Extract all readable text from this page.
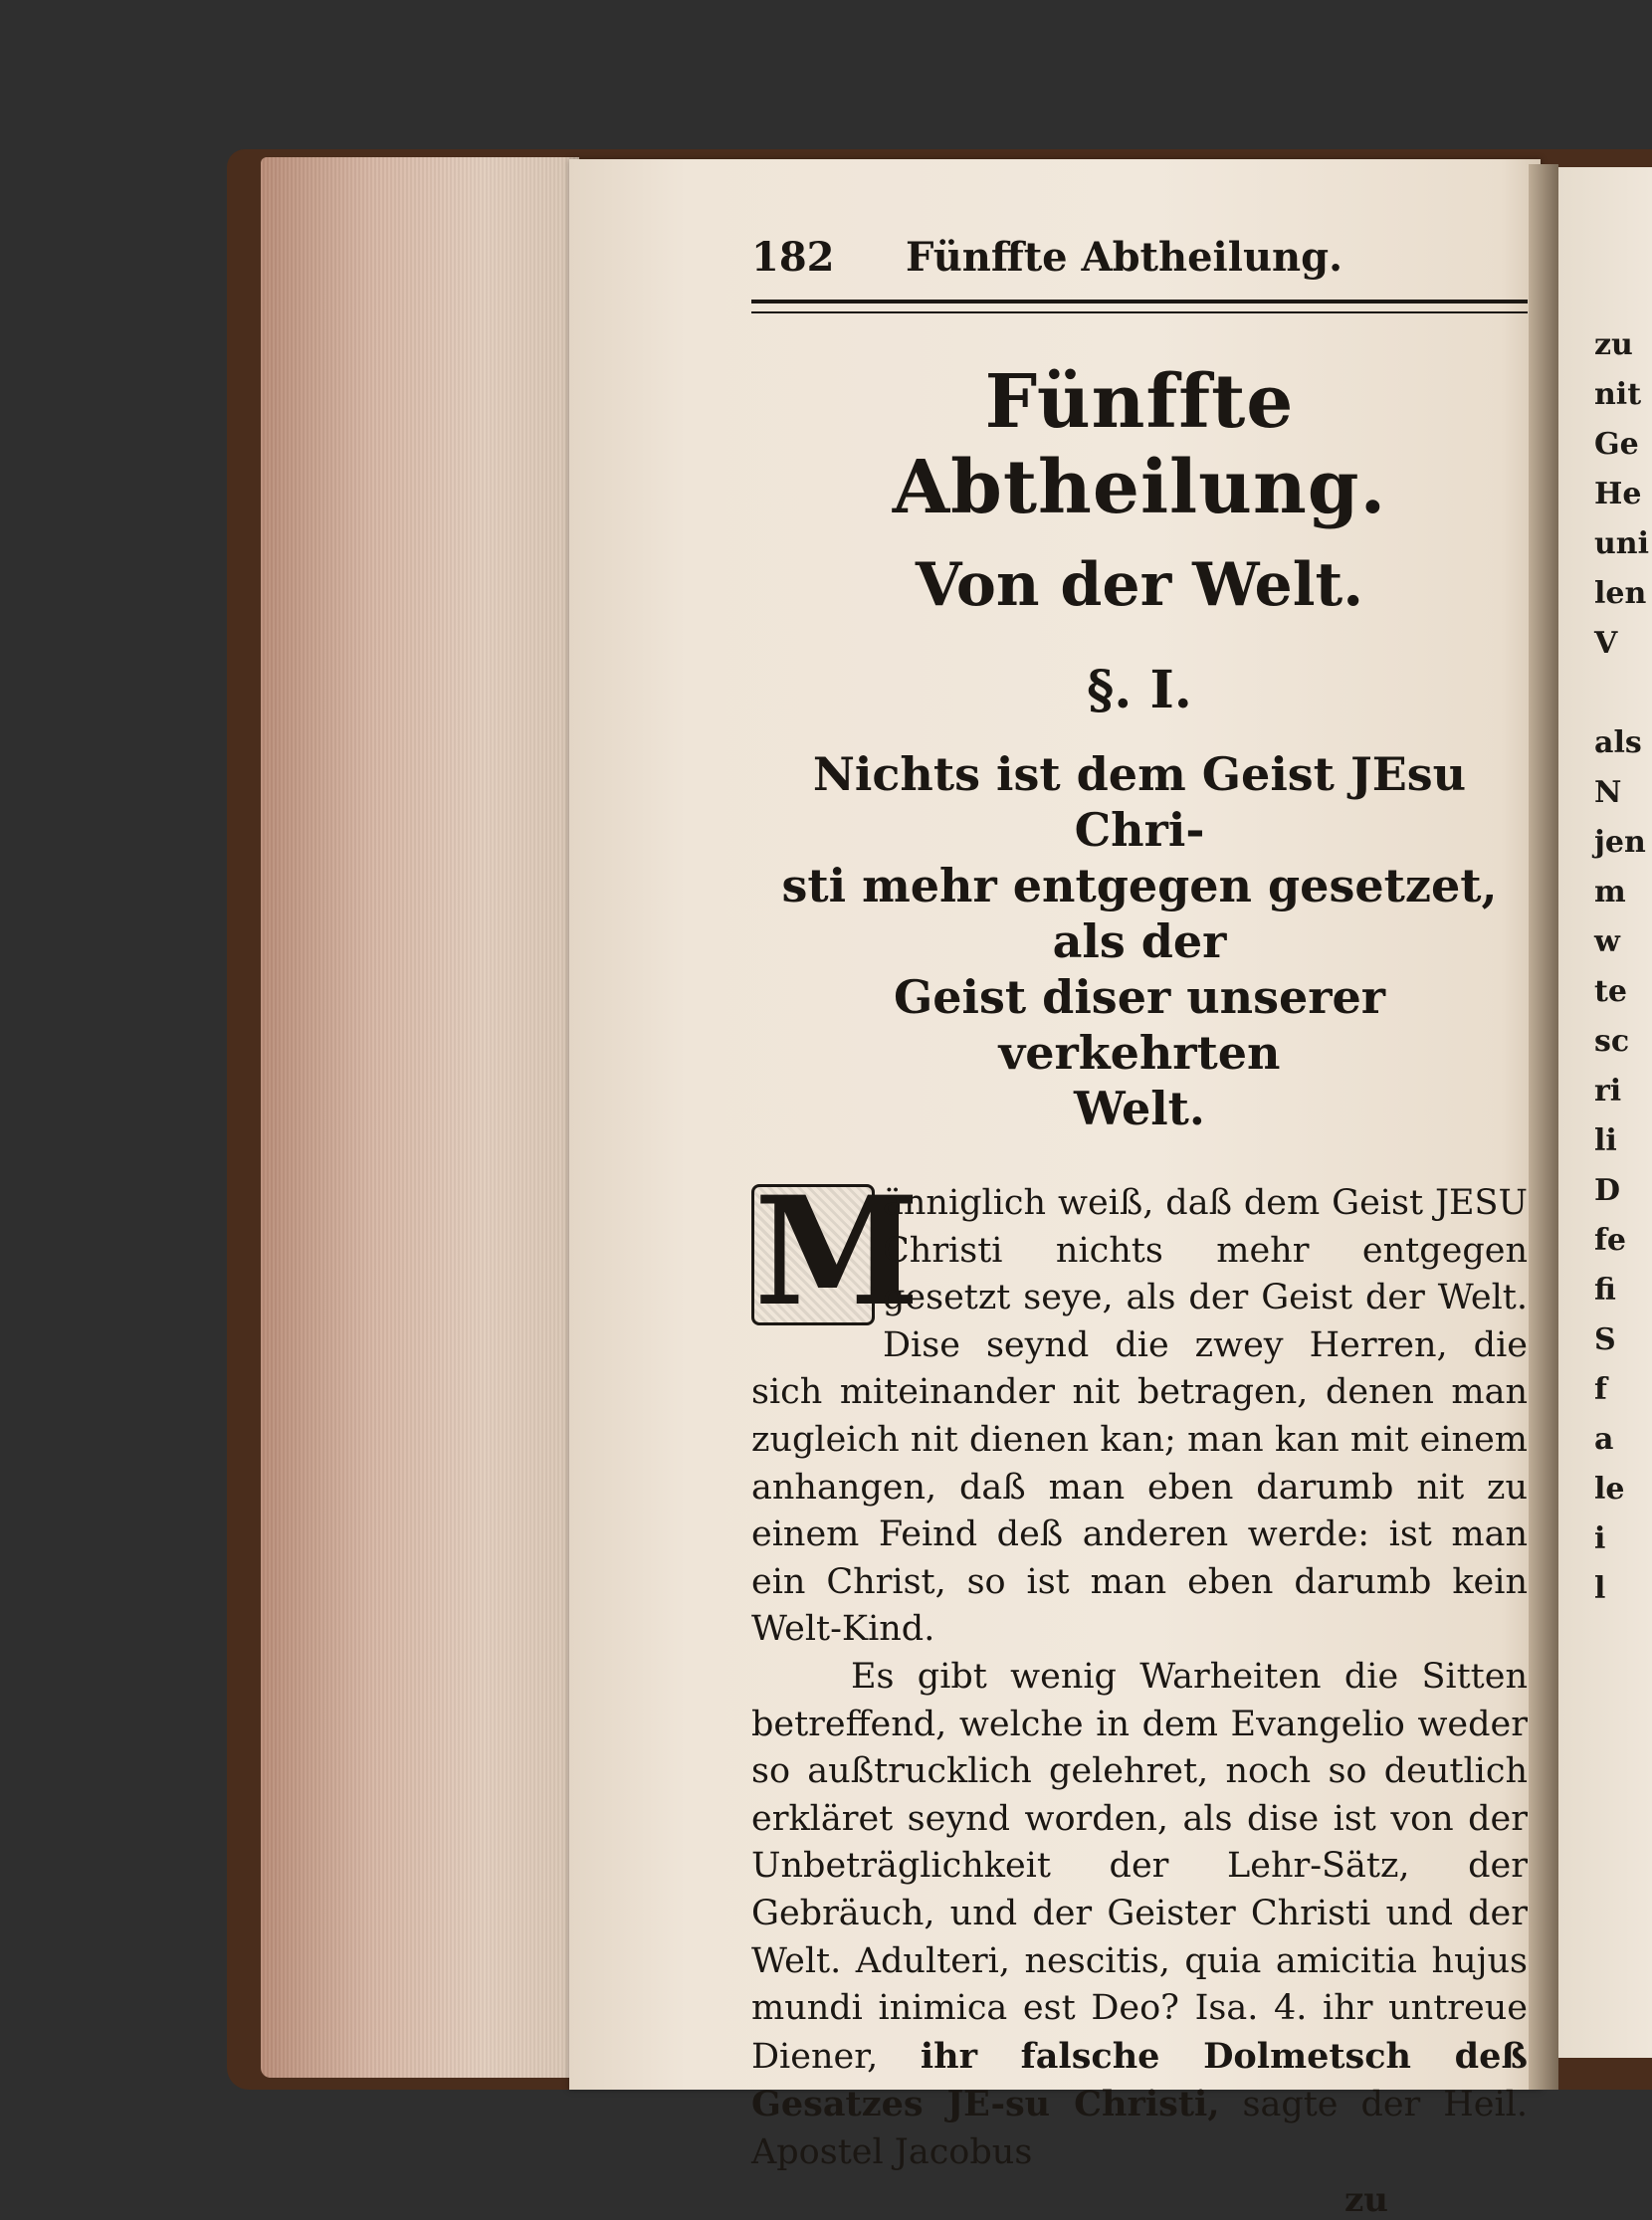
zu
nit
Ge
He
uni
len
V

als
N
jen
m
w
te
sc
ri
li
D
fe
fi
S
f
a
le
i
l
182	Fünffte Abtheilung.
Fünffte Abtheilung.
Von der Welt.
§. I.
Nichts ist dem Geist JEsu Chri-
sti mehr entgegen gesetzet, als der
Geist diser unserer verkehrten
Welt.

M
änniglich weiß, daß dem Geist JESU Christi nichts mehr entgegen gesetzt seye, als der Geist der Welt. Dise seynd die zwey Herren, die sich miteinander nit betragen, denen man zugleich nit dienen kan; man kan mit einem anhangen, daß man eben darumb nit zu einem Feind deß anderen werde: ist man ein Christ, so ist man eben darumb kein Welt-Kind.

Es gibt wenig Warheiten die Sitten betreffend, welche in dem Evangelio weder so außtrucklich gelehret, noch so deutlich erkläret seynd worden, als dise ist von der Unbeträglichkeit der Lehr-Sätz, der Gebräuch, und der Geister Christi und der Welt. Adulteri, nescitis, quia amicitia hujus mundi inimica est Deo? Isa. 4. ihr untreue Diener, ihr falsche Dolmetsch deß Gesatzes JE-su Christi, sagte der Heil. Apostel Jacobus

zu
